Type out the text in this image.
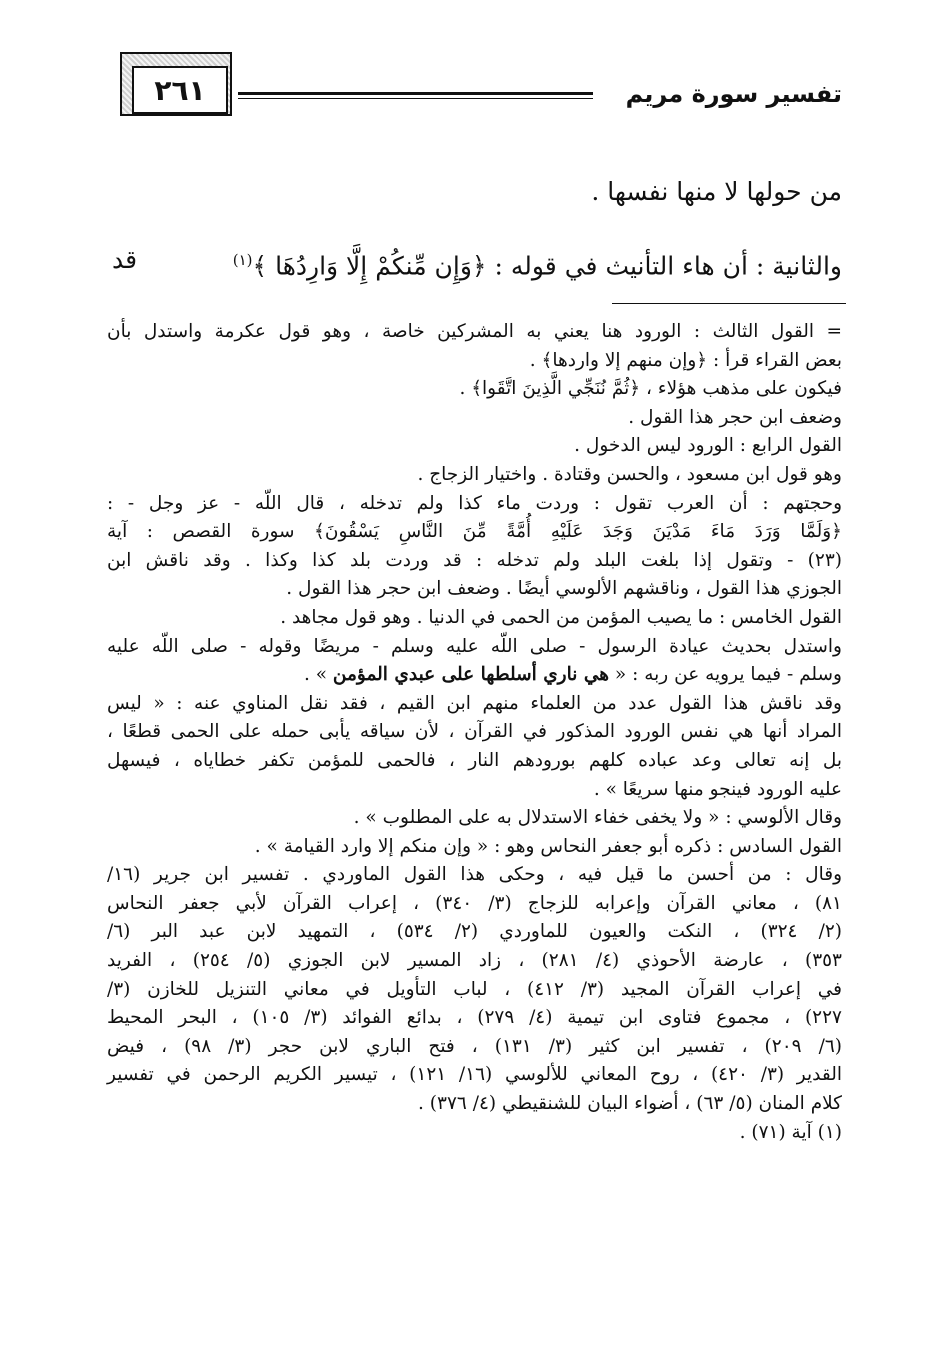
٢٦١	تفسير سورة مريم
من حولها لا منها نفسها .
والثانية : أن هاء التأنيث في قوله : ﴿وَإِن مِّنكُمْ إِلَّا وَارِدُهَا ﴾$^{(١)}$
قد
= القول الثالث : الورود هنا يعني به المشركين خاصة ، وهو قول عكرمة واستدل بأن
بعض القراء قرأ : ﴿وإن منهم إلا واردها﴾ .
فيكون على مذهب هؤلاء ، ﴿ثُمَّ نُنَجِّي الَّذِينَ اتَّقَوا﴾ .
وضعف ابن حجر هذا القول .
القول الرابع : الورود ليس الدخول .
وهو قول ابن مسعود ، والحسن وقتادة . واختيار الزجاج .
وحجتهم : أن العرب تقول : وردت ماء كذا ولم تدخله ، قال اللّه - عز وجل - :
﴿وَلَمَّا وَرَدَ مَاءَ مَدْيَنَ وَجَدَ عَلَيْهِ أُمَّةً مِّنَ النَّاسِ يَسْقُونَ﴾ سورة القصص : آية
(٢٣) - وتقول إذا بلغت البلد ولم تدخله : قد وردت بلد كذا وكذا . وقد ناقش ابن
الجوزي هذا القول ، وناقشهم الألوسي أيضًا . وضعف ابن حجر هذا القول .
القول الخامس : ما يصيب المؤمن من الحمى في الدنيا . وهو قول مجاهد .
واستدل بحديث عيادة الرسول - صلى اللّه عليه وسلم - مريضًا وقوله - صلى اللّه عليه
وسلم - فيما يرويه عن ربه : « هي ناري أسلطها على عبدي المؤمن » .
وقد ناقش هذا القول عدد من العلماء منهم ابن القيم ، فقد نقل المناوي عنه : « ليس
المراد أنها هي نفس الورود المذكور في القرآن ، لأن سياقه يأبى حمله على الحمى قطعًا ،
بل إنه تعالى وعد عباده كلهم بورودهم النار ، فالحمى للمؤمن تكفر خطاياه ، فيسهل
عليه الورود فينجو منها سريعًا » .
وقال الألوسي : « ولا يخفى خفاء الاستدلال به على المطلوب » .
القول السادس : ذكره أبو جعفر النحاس وهو : « وإن منكم إلا وارد القيامة » .
وقال : من أحسن ما قيل فيه ، وحكى هذا القول الماوردي . تفسير ابن جرير (١٦/
٨١) ، معاني القرآن وإعرابه للزجاج (٣/ ٣٤٠) ، إعراب القرآن لأبي جعفر النحاس
(٢/ ٣٢٤) ، النكت والعيون للماوردي (٢/ ٥٣٤) ، التمهيد لابن عبد البر (٦/
٣٥٣) ، عارضة الأحوذي (٤/ ٢٨١) ، زاد المسير لابن الجوزي (٥/ ٢٥٤) ، الفريد
في إعراب القرآن المجيد (٣/ ٤١٢) ، لباب التأويل في معاني التنزيل للخازن (٣/
٢٢٧) ، مجموع فتاوى ابن تيمية (٤/ ٢٧٩) ، بدائع الفوائد (٣/ ١٠٥) ، البحر المحيط
(٦/ ٢٠٩) ، تفسير ابن كثير (٣/ ١٣١) ، فتح الباري لابن حجر (٣/ ٩٨) ، فيض
القدير (٣/ ٤٢٠) ، روح المعاني للألوسي (١٦/ ١٢١) ، تيسير الكريم الرحمن في تفسير
كلام المنان (٥/ ٦٣) ، أضواء البيان للشنقيطي (٤/ ٣٧٦) .
(١) آية (٧١) .
